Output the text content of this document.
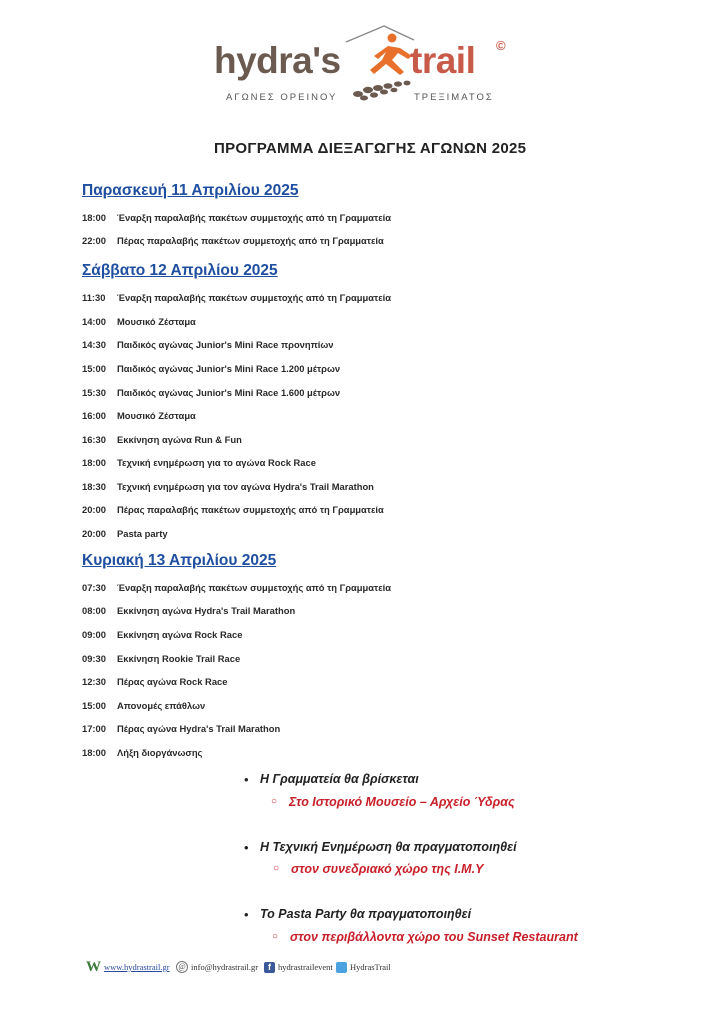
hydra's trail ©
ΑΓΩΝΕΣ ΟΡΕΙΝΟΥ	ΤΡΕΞΙΜΑΤΟΣ
ΠΡΟΓΡΑΜΜΑ ΔΙΕΞΑΓΩΓΗΣ ΑΓΩΝΩΝ 2025
Παρασκευή 11 Απριλίου 2025
18:00 Έναρξη παραλαβής πακέτων συμμετοχής από τη Γραμματεία
22:00 Πέρας παραλαβής πακέτων συμμετοχής από τη Γραμματεία
Σάββατο 12 Απριλίου 2025
11:30 Έναρξη παραλαβής πακέτων συμμετοχής από τη Γραμματεία
14:00 Μουσικό Ζέσταμα
14:30 Παιδικός αγώνας Junior's Mini Race προνηπίων
15:00 Παιδικός αγώνας Junior's Mini Race 1.200 μέτρων
15:30 Παιδικός αγώνας Junior's Mini Race 1.600 μέτρων
16:00 Μουσικό Ζέσταμα
16:30 Εκκίνηση αγώνα Run & Fun
18:00 Τεχνική ενημέρωση για το αγώνα Rock Race
18:30 Τεχνική ενημέρωση για τον αγώνα Hydra's Trail Marathon
20:00 Πέρας παραλαβής πακέτων συμμετοχής από τη Γραμματεία
20:00 Pasta party
Κυριακή 13 Απριλίου 2025
07:30 Έναρξη παραλαβής πακέτων συμμετοχής από τη Γραμματεία
08:00 Εκκίνηση αγώνα Hydra's Trail Marathon
09:00 Εκκίνηση αγώνα Rock Race
09:30 Εκκίνηση Rookie Trail Race
12:30 Πέρας αγώνα Rock Race
15:00 Απονομές επάθλων
17:00 Πέρας αγώνα Hydra's Trail Marathon
18:00 Λήξη διοργάνωσης
• Η Γραμματεία θα βρίσκεται
○ Στο Ιστορικό Μουσείο – Αρχείο Ύδρας
• Η Τεχνική Ενημέρωση θα πραγματοποιηθεί
○ στον συνεδριακό χώρο της Ι.Μ.Υ
• Το Pasta Party θα πραγματοποιηθεί
○ στον περιβάλλοντα χώρο του Sunset Restaurant
W www.hydrastrail.gr @ info@hydrastrail.gr	f hydrastrailevent	HydrasTrail
